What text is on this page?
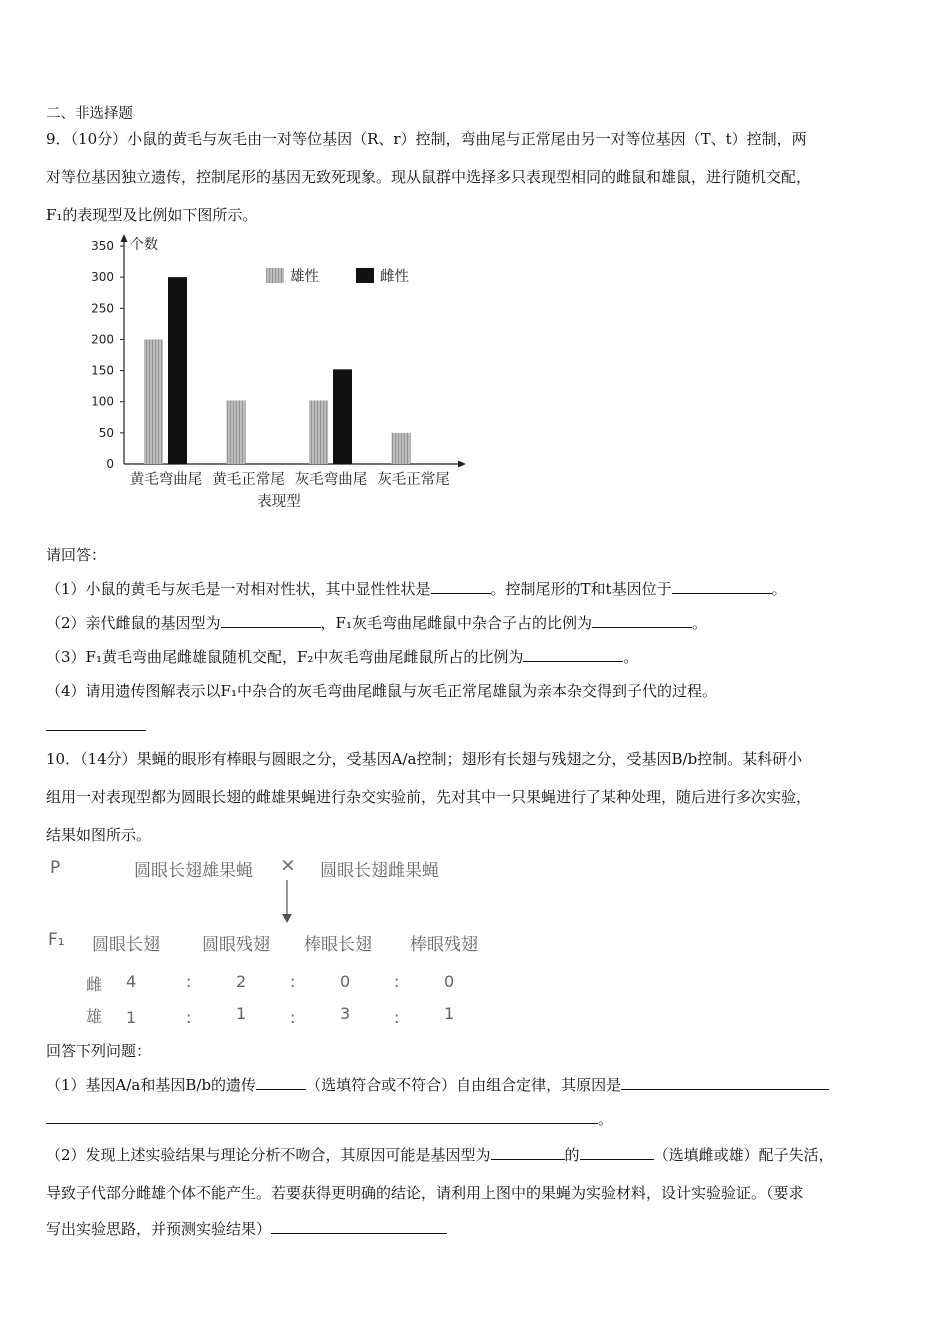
二、非选择题
9．（10分）小鼠的黄毛与灰毛由一对等位基因（R、r）控制，弯曲尾与正常尾由另一对等位基因（T、t）控制，两
对等位基因独立遗传，控制尾形的基因无致死现象。现从鼠群中选择多只表现型相同的雌鼠和雄鼠，进行随机交配，
F₁的表现型及比例如下图所示。
0
50
100
150
200
250
300
350 个数
黄毛弯曲尾 黄毛正常尾 灰毛弯曲尾 灰毛正常尾
表现型
雄性	雌性
请回答：
（1）小鼠的黄毛与灰毛是一对相对性状，其中显性性状是	。控制尾形的T和t基因位于	。
（2）亲代雌鼠的基因型为	，F₁灰毛弯曲尾雌鼠中杂合子占的比例为	。
（3）F₁黄毛弯曲尾雌雄鼠随机交配，F₂中灰毛弯曲尾雌鼠所占的比例为	。
（4）请用遗传图解表示以F₁中杂合的灰毛弯曲尾雌鼠与灰毛正常尾雄鼠为亲本杂交得到子代的过程。
10．（14分）果蝇的眼形有棒眼与圆眼之分，受基因A/a控制；翅形有长翅与残翅之分，受基因B/b控制。某科研小
组用一对表现型都为圆眼长翅的雌雄果蝇进行杂交实验前，先对其中一只果蝇进行了某种处理，随后进行多次实验，
结果如图所示。
P	圆眼长翅雄果蝇 × 圆眼长翅雌果蝇
F₁ 圆眼长翅 圆眼残翅 棒眼长翅 棒眼残翅
雌 4	:	2	:	0	:	0
雄 1	:	1	:	3	:	1
回答下列问题：
（1）基因A/a和基因B/b的遗传	（选填符合或不符合）自由组合定律，其原因是
。
（2）发现上述实验结果与理论分析不吻合，其原因可能是基因型为	的	（选填雌或雄）配子失活，
导致子代部分雌雄个体不能产生。若要获得更明确的结论，请利用上图中的果蝇为实验材料，设计实验验证。（要求
写出实验思路，并预测实验结果）
